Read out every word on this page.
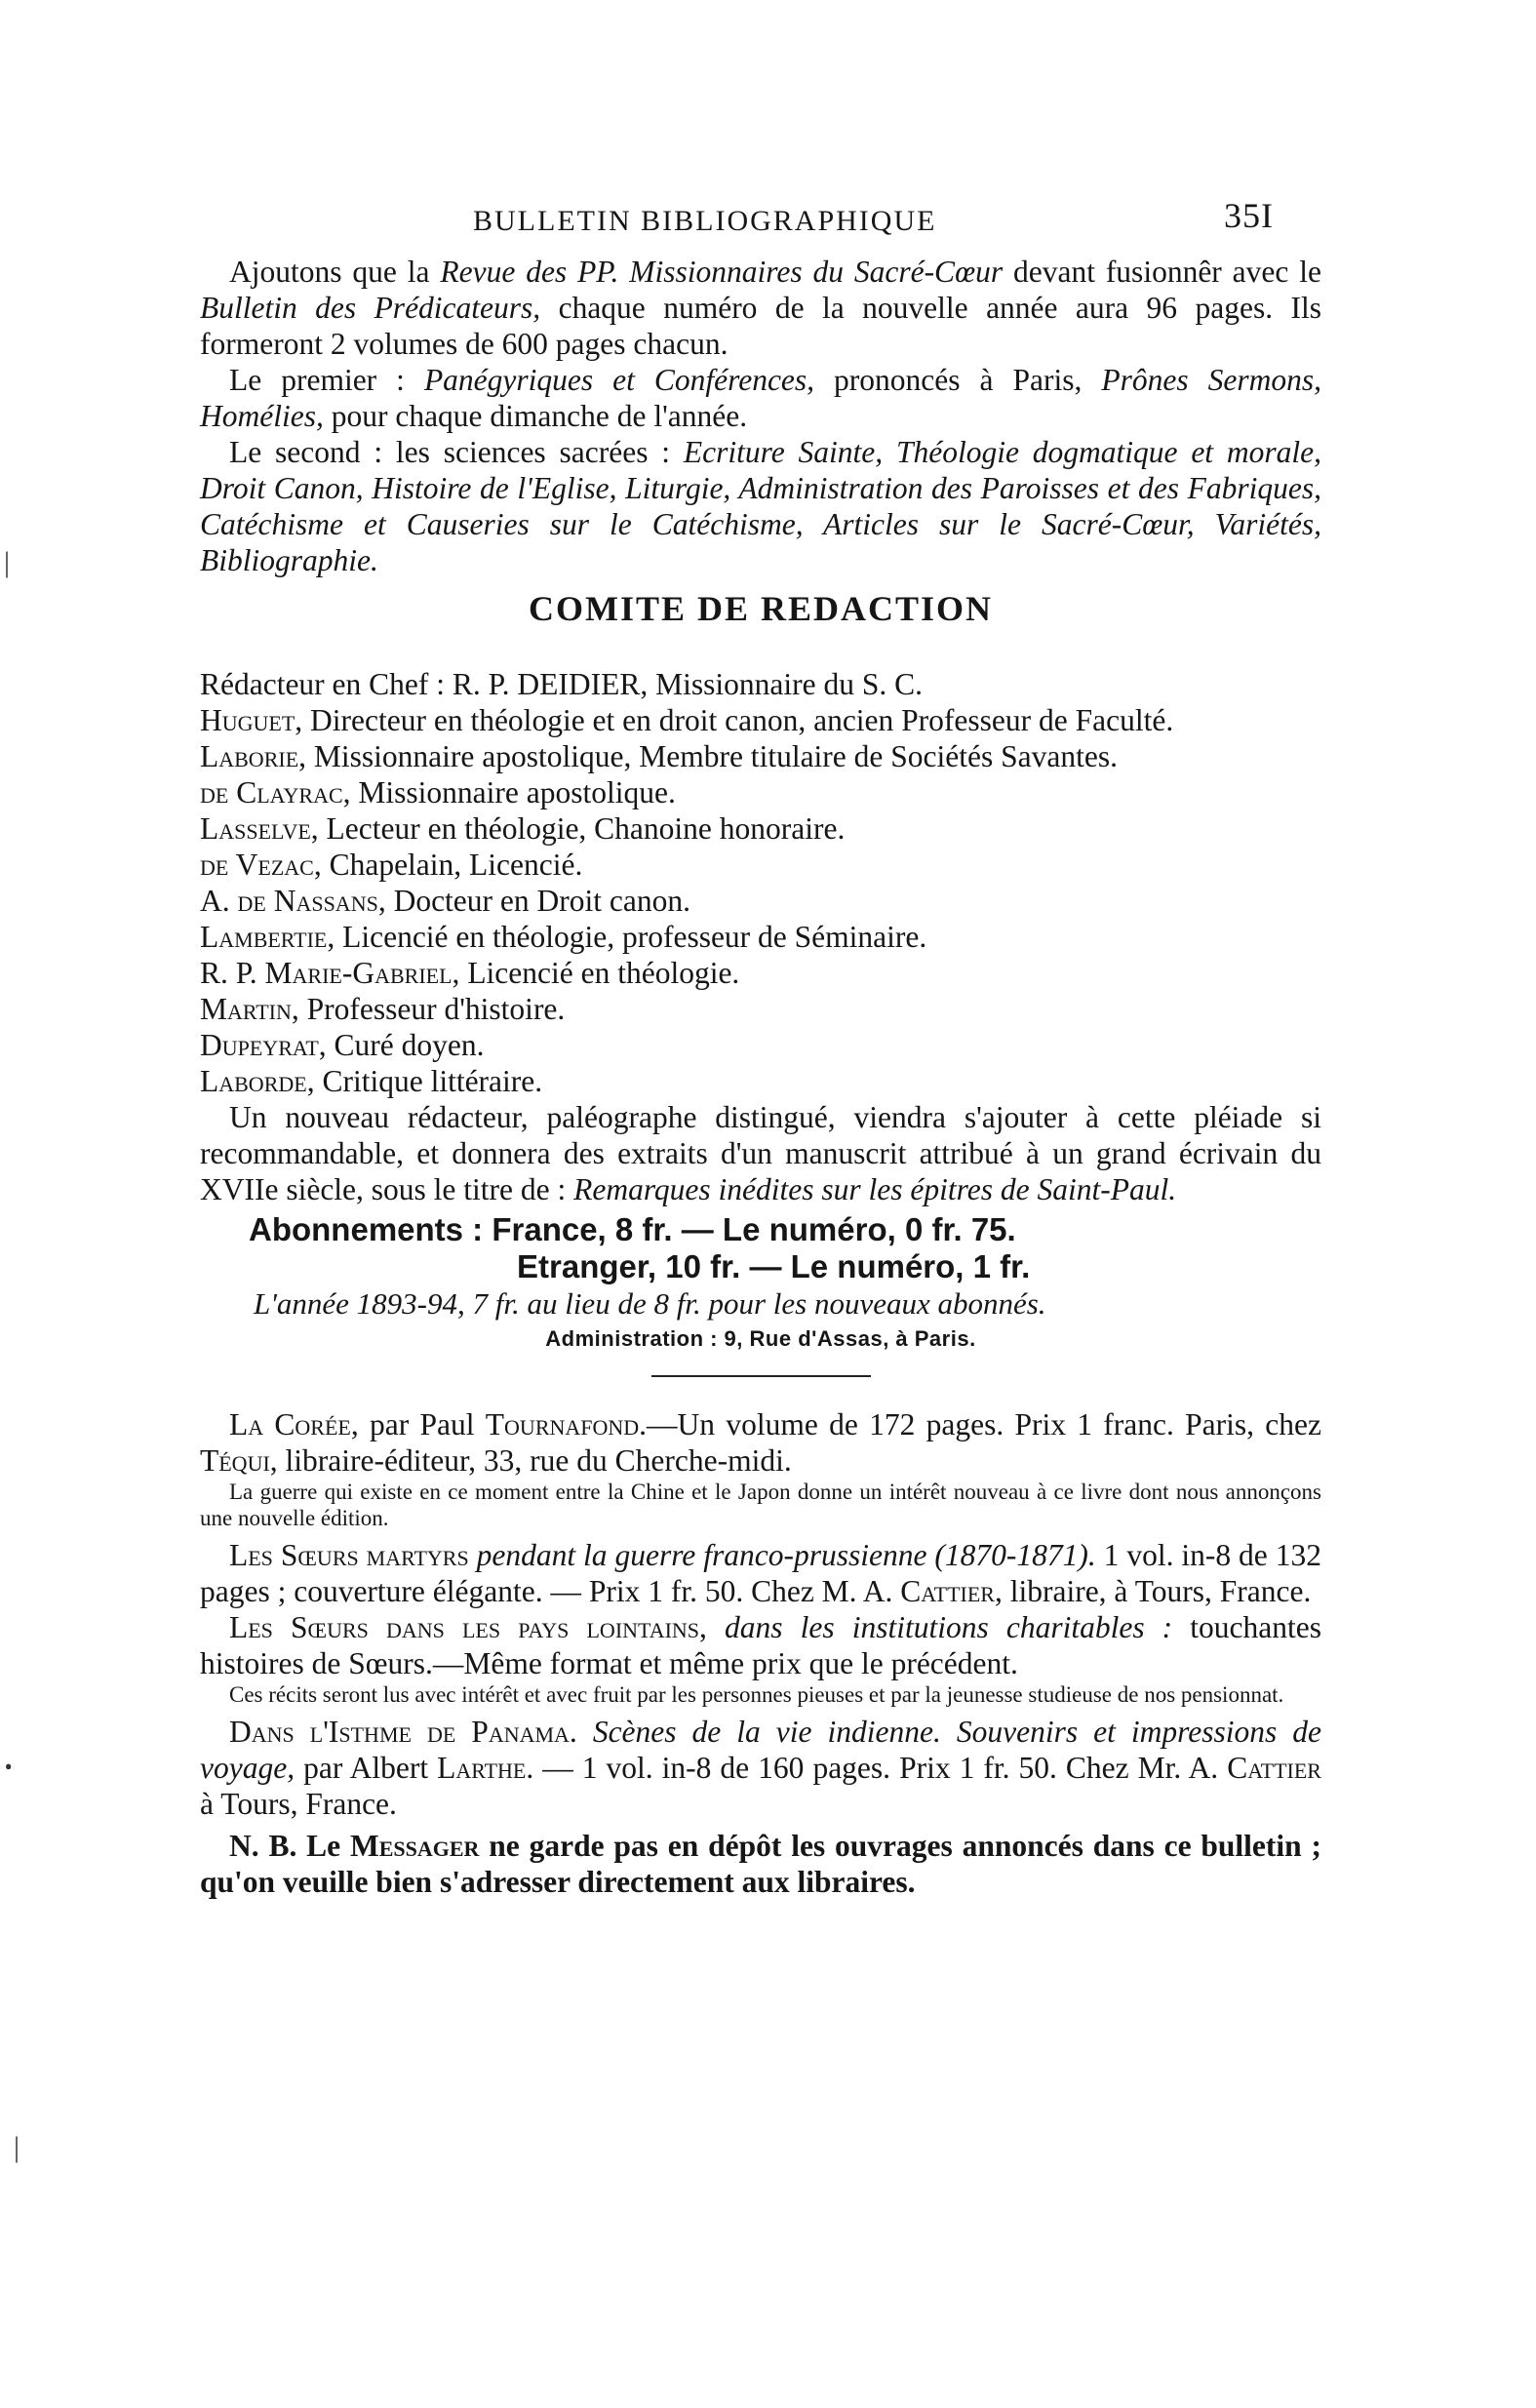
|
ꞏ
|
BULLETIN BIBLIOGRAPHIQUE	35I

Ajoutons que la Revue des PP. Missionnaires du Sacré-Cœur devant fusionnêr avec le Bulletin des Prédicateurs, chaque numéro de la nouvelle année aura 96 pages. Ils formeront 2 volumes de 600 pages chacun.

Le premier : Panégyriques et Conférences, prononcés à Paris, Prônes Sermons, Homélies, pour chaque dimanche de l'année.

Le second : les sciences sacrées : Ecriture Sainte, Théologie dogmatique et morale, Droit Canon, Histoire de l'Eglise, Liturgie, Administration des Paroisses et des Fabriques, Catéchisme et Causeries sur le Catéchisme, Articles sur le Sacré-Cœur, Variétés, Bibliographie.

COMITE DE REDACTION

Rédacteur en Chef : R. P. DEIDIER, Missionnaire du S. C.

Huguet, Directeur en théologie et en droit canon, ancien Professeur de Faculté.

Laborie, Missionnaire apostolique, Membre titulaire de Sociétés Savantes.

de Clayrac, Missionnaire apostolique.

Lasselve, Lecteur en théologie, Chanoine honoraire.

de Vezac, Chapelain, Licencié.

A. de Nassans, Docteur en Droit canon.

Lambertie, Licencié en théologie, professeur de Séminaire.

R. P. Marie-Gabriel, Licencié en théologie.

Martin, Professeur d'histoire.

Dupeyrat, Curé doyen.

Laborde, Critique littéraire.

Un nouveau rédacteur, paléographe distingué, viendra s'ajouter à cette pléiade si recommandable, et donnera des extraits d'un manuscrit attribué à un grand écrivain du XVIIe siècle, sous le titre de : Remarques inédites sur les épitres de Saint-Paul.

Abonnements : France, 8 fr. — Le numéro, 0 fr. 75.
Etranger, 10 fr. — Le numéro, 1 fr.
L'année 1893-94, 7 fr. au lieu de 8 fr. pour les nouveaux abonnés.
Administration : 9, Rue d'Assas, à Paris.

La Corée, par Paul Tournafond.—Un volume de 172 pages. Prix 1 franc. Paris, chez Téqui, libraire-éditeur, 33, rue du Cherche-midi.

La guerre qui existe en ce moment entre la Chine et le Japon donne un intérêt nouveau à ce livre dont nous annonçons une nouvelle édition.

Les Sœurs martyrs pendant la guerre franco-prussienne (1870-1871). 1 vol. in-8 de 132 pages ; couverture élégante. — Prix 1 fr. 50. Chez M. A. Cattier, libraire, à Tours, France.

Les Sœurs dans les pays lointains, dans les institutions charitables : touchantes histoires de Sœurs.—Même format et même prix que le précédent.

Ces récits seront lus avec intérêt et avec fruit par les personnes pieuses et par la jeunesse studieuse de nos pensionnat.

Dans l'Isthme de Panama. Scènes de la vie indienne. Souvenirs et impressions de voyage, par Albert Larthe. — 1 vol. in-8 de 160 pages. Prix 1 fr. 50. Chez Mr. A. Cattier à Tours, France.

N. B. Le Messager ne garde pas en dépôt les ouvrages annoncés dans ce bulletin ; qu'on veuille bien s'adresser directement aux libraires.
